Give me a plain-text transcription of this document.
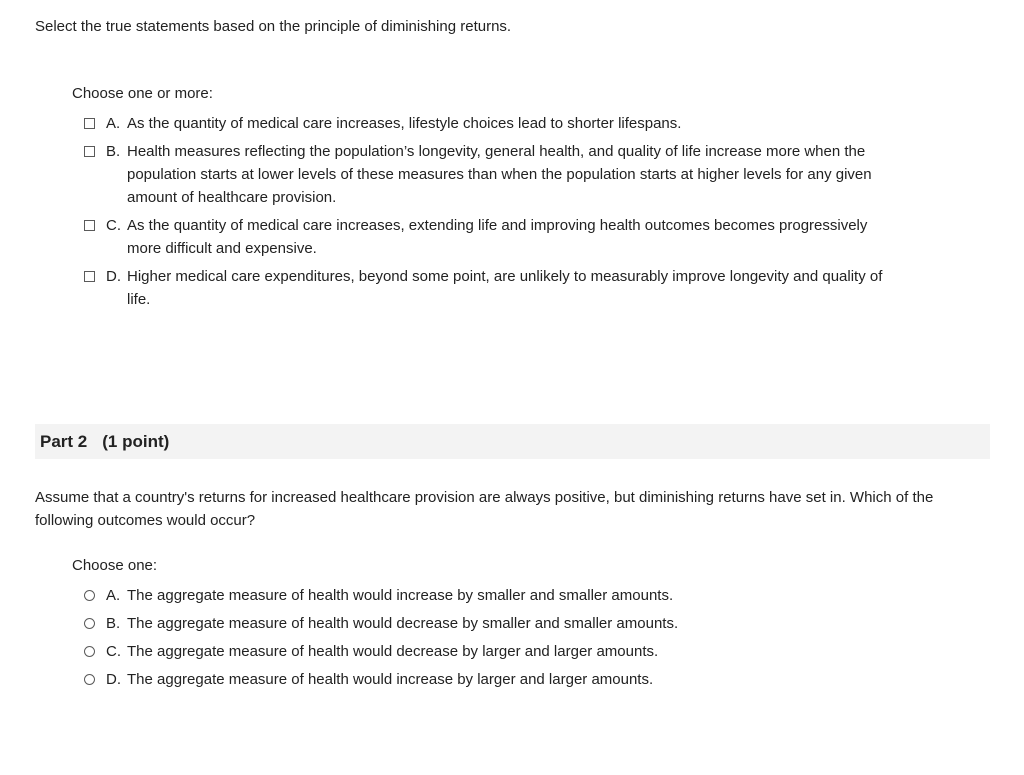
Select the true statements based on the principle of diminishing returns.
Choose one or more:
A. As the quantity of medical care increases, lifestyle choices lead to shorter lifespans.
B. Health measures reflecting the population’s longevity, general health, and quality of life increase more when the population starts at lower levels of these measures than when the population starts at higher levels for any given amount of healthcare provision.
C. As the quantity of medical care increases, extending life and improving health outcomes becomes progressively more difficult and expensive.
D. Higher medical care expenditures, beyond some point, are unlikely to measurably improve longevity and quality of life.
Part 2 (1 point)
Assume that a country's returns for increased healthcare provision are always positive, but diminishing returns have set in. Which of the following outcomes would occur?
Choose one:
A. The aggregate measure of health would increase by smaller and smaller amounts.
B. The aggregate measure of health would decrease by smaller and smaller amounts.
C. The aggregate measure of health would decrease by larger and larger amounts.
D. The aggregate measure of health would increase by larger and larger amounts.
